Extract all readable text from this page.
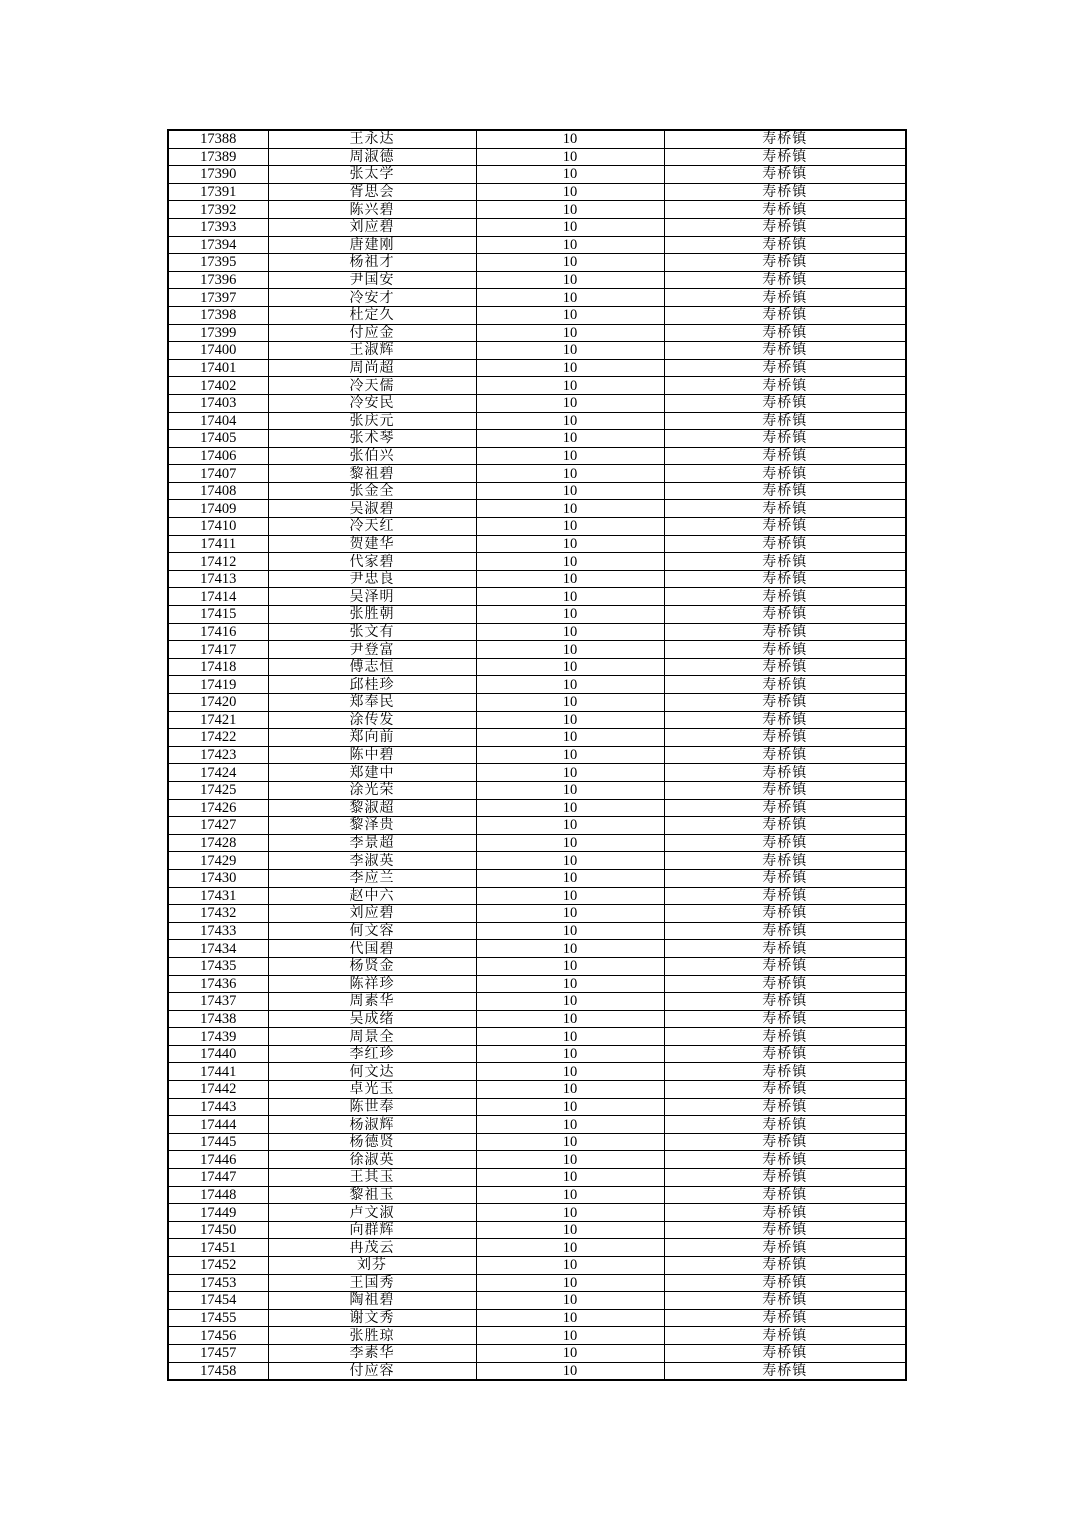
17388	王永达	10	寿桥镇
17389	周淑德	10	寿桥镇
17390	张太学	10	寿桥镇
17391	胥思会	10	寿桥镇
17392	陈兴碧	10	寿桥镇
17393	刘应碧	10	寿桥镇
17394	唐建刚	10	寿桥镇
17395	杨祖才	10	寿桥镇
17396	尹国安	10	寿桥镇
17397	冷安才	10	寿桥镇
17398	杜定久	10	寿桥镇
17399	付应金	10	寿桥镇
17400	王淑辉	10	寿桥镇
17401	周尚超	10	寿桥镇
17402	冷天儒	10	寿桥镇
17403	冷安民	10	寿桥镇
17404	张庆元	10	寿桥镇
17405	张术琴	10	寿桥镇
17406	张伯兴	10	寿桥镇
17407	黎祖碧	10	寿桥镇
17408	张金全	10	寿桥镇
17409	吴淑碧	10	寿桥镇
17410	冷天红	10	寿桥镇
17411	贺建华	10	寿桥镇
17412	代家碧	10	寿桥镇
17413	尹忠良	10	寿桥镇
17414	吴泽明	10	寿桥镇
17415	张胜朝	10	寿桥镇
17416	张文有	10	寿桥镇
17417	尹登富	10	寿桥镇
17418	傅志恒	10	寿桥镇
17419	邱桂珍	10	寿桥镇
17420	郑奉民	10	寿桥镇
17421	涂传发	10	寿桥镇
17422	郑向前	10	寿桥镇
17423	陈中碧	10	寿桥镇
17424	郑建中	10	寿桥镇
17425	涂光荣	10	寿桥镇
17426	黎淑超	10	寿桥镇
17427	黎泽贵	10	寿桥镇
17428	李景超	10	寿桥镇
17429	李淑英	10	寿桥镇
17430	李应兰	10	寿桥镇
17431	赵中六	10	寿桥镇
17432	刘应碧	10	寿桥镇
17433	何文容	10	寿桥镇
17434	代国碧	10	寿桥镇
17435	杨贤金	10	寿桥镇
17436	陈祥珍	10	寿桥镇
17437	周素华	10	寿桥镇
17438	吴成绪	10	寿桥镇
17439	周景全	10	寿桥镇
17440	李红珍	10	寿桥镇
17441	何文达	10	寿桥镇
17442	卓光玉	10	寿桥镇
17443	陈世奉	10	寿桥镇
17444	杨淑辉	10	寿桥镇
17445	杨德贤	10	寿桥镇
17446	徐淑英	10	寿桥镇
17447	王其玉	10	寿桥镇
17448	黎祖玉	10	寿桥镇
17449	卢文淑	10	寿桥镇
17450	向群辉	10	寿桥镇
17451	冉茂云	10	寿桥镇
17452	刘芬	10	寿桥镇
17453	王国秀	10	寿桥镇
17454	陶祖碧	10	寿桥镇
17455	谢文秀	10	寿桥镇
17456	张胜琼	10	寿桥镇
17457	李素华	10	寿桥镇
17458	付应容	10	寿桥镇
